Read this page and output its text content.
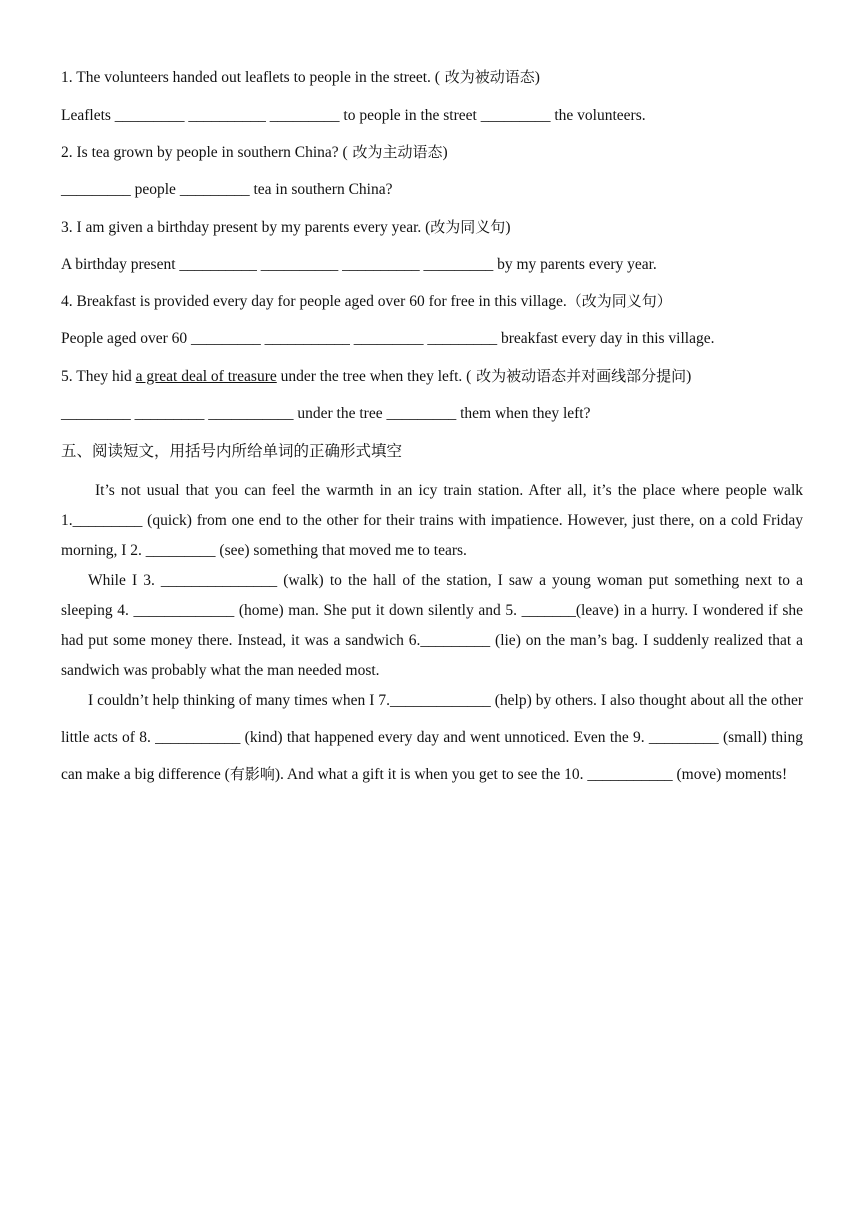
1. The volunteers handed out leaflets to people in the street. ( 改为被动语态)
Leaflets _________ __________ _________ to people in the street _________ the volunteers.
2. Is tea grown by people in southern China? ( 改为主动语态)
_________ people _________ tea in southern China?
3. I am given a birthday present by my parents every year. (改为同义句)
A birthday present __________ __________ __________ _________ by my parents every year.
4. Breakfast is provided every day for people aged over 60 for free in this village.（改为同义句）
People aged over 60 _________ ___________ _________ _________ breakfast every day in this village.
5. They hid a great deal of treasure under the tree when they left. ( 改为被动语态并对画线部分提问)
_________ _________ ___________ under the tree _________ them when they left?
五、阅读短文，用括号内所给单词的正确形式填空

It’s not usual that you can feel the warmth in an icy train station. After all, it’s the place where people walk 1._________ (quick) from one end to the other for their trains with impatience. However, just there, on a cold Friday morning, I 2. _________ (see) something that moved me to tears.

While I 3. _______________ (walk) to the hall of the station, I saw a young woman put something next to a sleeping 4. _____________ (home) man. She put it down silently and 5. _______(leave) in a hurry. I wondered if she had put some money there. Instead, it was a sandwich 6._________ (lie) on the man’s bag. I suddenly realized that a sandwich was probably what the man needed most.

I couldn’t help thinking of many times when I 7._____________ (help) by others. I also thought about all the other little acts of 8. ___________ (kind) that happened every day and went unnoticed. Even the 9. _________ (small) thing can make a big difference (有影响). And what a gift it is when you get to see the 10. ___________ (move) moments!
